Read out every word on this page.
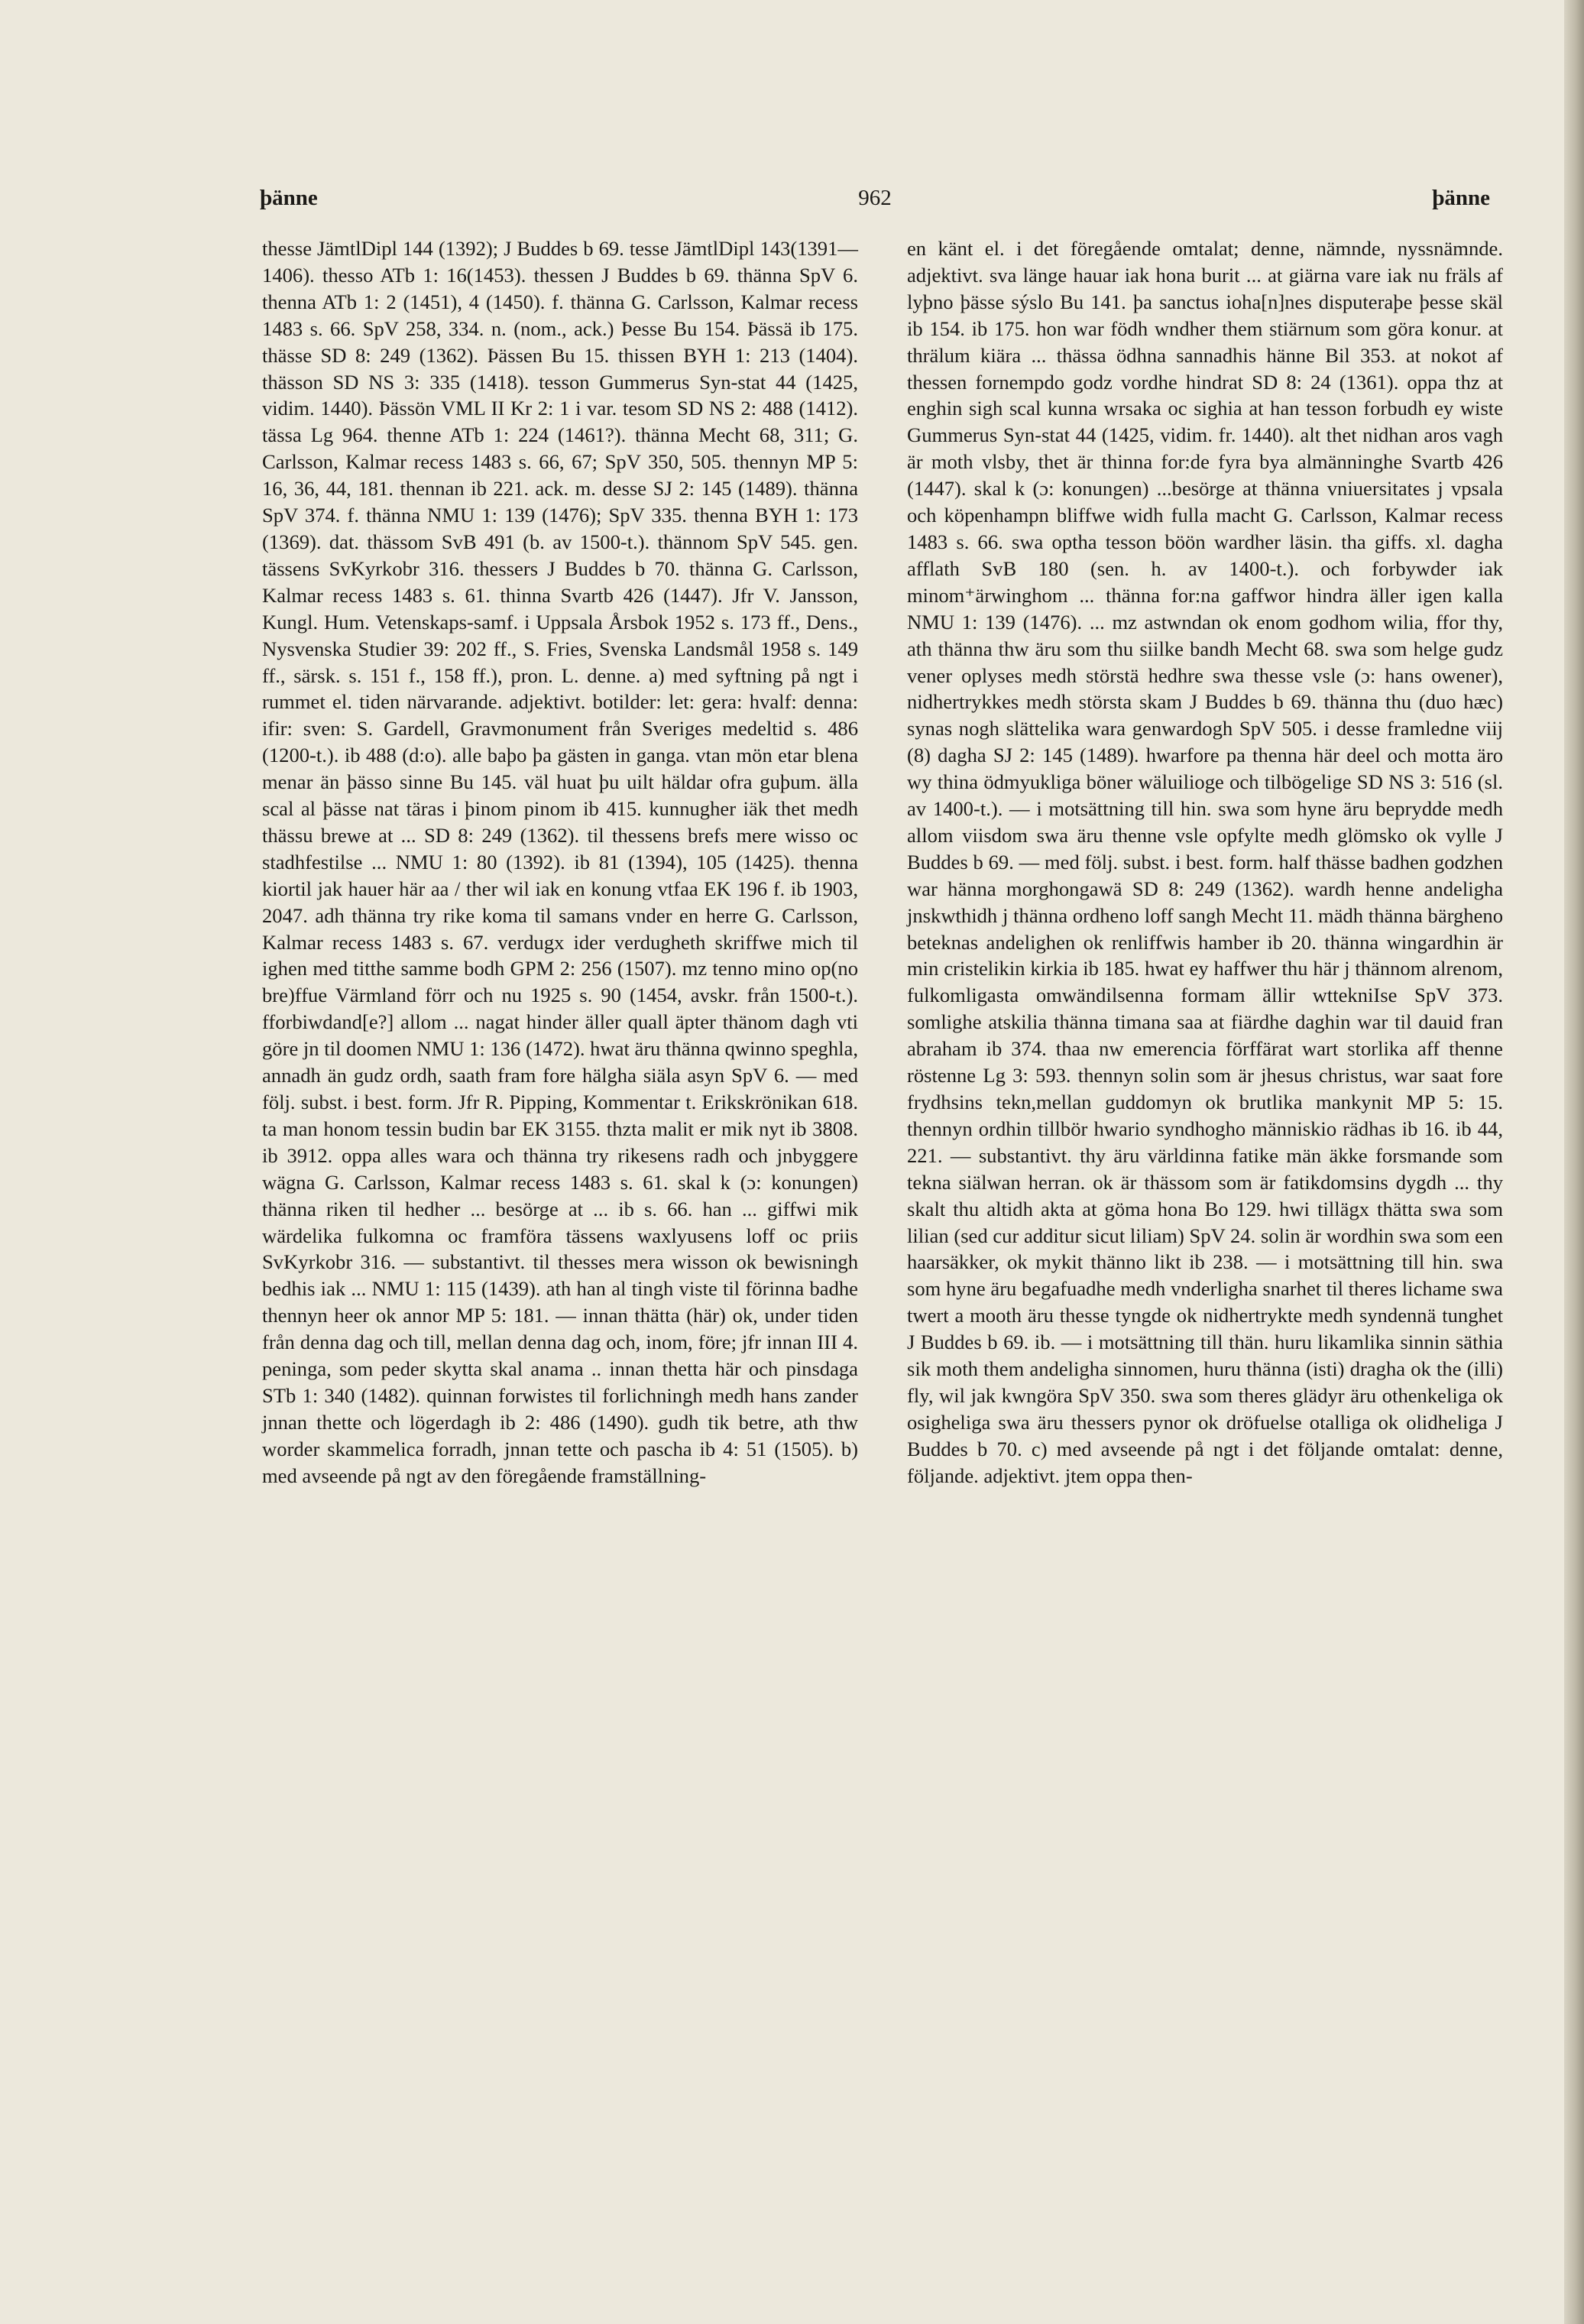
þänne	962	þänne

thesse JämtlDipl 144 (1392); J Buddes b 69. tesse JämtlDipl 143(1391—1406). thesso ATb 1: 16(1453). thessen J Buddes b 69. thänna SpV 6. thenna ATb 1: 2 (1451), 4 (1450). f. thänna G. Carlsson, Kalmar recess 1483 s. 66. SpV 258, 334. n. (nom., ack.) Þesse Bu 154. Þässä ib 175. thässe SD 8: 249 (1362). Þässen Bu 15. thissen BYH 1: 213 (1404). thässon SD NS 3: 335 (1418). tesson Gummerus Syn-stat 44 (1425, vidim. 1440). Þässön VML II Kr 2: 1 i var. tesom SD NS 2: 488 (1412). tässa Lg 964. thenne ATb 1: 224 (1461?). thänna Mecht 68, 311; G. Carlsson, Kalmar recess 1483 s. 66, 67; SpV 350, 505. thennyn MP 5: 16, 36, 44, 181. thennan ib 221. ack. m. desse SJ 2: 145 (1489). thänna SpV 374. f. thänna NMU 1: 139 (1476); SpV 335. thenna BYH 1: 173 (1369). dat. thässom SvB 491 (b. av 1500-t.). thännom SpV 545. gen. tässens SvKyrkobr 316. thessers J Buddes b 70. thänna G. Carlsson, Kalmar recess 1483 s. 61. thinna Svartb 426 (1447). Jfr V. Jansson, Kungl. Hum. Vetenskaps-samf. i Uppsala Årsbok 1952 s. 173 ff., Dens., Nysvenska Studier 39: 202 ff., S. Fries, Svenska Landsmål 1958 s. 149 ff., särsk. s. 151 f., 158 ff.), pron. L. denne. a) med syftning på ngt i rummet el. tiden närvarande. adjektivt. botilder: let: gera: hvalf: denna: ifir: sven: S. Gardell, Gravmonument från Sveriges medeltid s. 486 (1200-t.). ib 488 (d:o). alle baþo þa gästen in ganga. vtan mön etar blena menar än þässo sinne Bu 145. väl huat þu uilt häldar ofra guþum. älla scal al þässe nat täras i þinom pinom ib 415. kunnugher iäk thet medh thässu brewe at ... SD 8: 249 (1362). til thessens brefs mere wisso oc stadhfestilse ... NMU 1: 80 (1392). ib 81 (1394), 105 (1425). thenna kiortil jak hauer här aa / ther wil iak en konung vtfaa EK 196 f. ib 1903, 2047. adh thänna try rike koma til samans vnder en herre G. Carlsson, Kalmar recess 1483 s. 67. verdugx ider verdugheth skriffwe mich til ighen med titthe samme bodh GPM 2: 256 (1507). mz tenno mino op(no bre)ffue Värmland förr och nu 1925 s. 90 (1454, avskr. från 1500-t.). fforbiwdand[e?] allom ... nagat hinder äller quall äpter thänom dagh vti göre jn til doomen NMU 1: 136 (1472). hwat äru thänna qwinno speghla, annadh än gudz ordh, saath fram fore hälgha siäla asyn SpV 6. — med följ. subst. i best. form. Jfr R. Pipping, Kommentar t. Erikskrönikan 618. ta man honom tessin budin bar EK 3155. thzta malit er mik nyt ib 3808. ib 3912. oppa alles wara och thänna try rikesens radh och jnbyggere wägna G. Carlsson, Kalmar recess 1483 s. 61. skal k (ɔ: konungen) thänna riken til hedher ... besörge at ... ib s. 66. han ... giffwi mik wärdelika fulkomna oc framföra tässens waxlyusens loff oc priis SvKyrkobr 316. — substantivt. til thesses mera wisson ok bewisningh bedhis iak ... NMU 1: 115 (1439). ath han al tingh viste til förinna badhe thennyn heer ok annor MP 5: 181. — innan thätta (här) ok, under tiden från denna dag och till, mellan denna dag och, inom, före; jfr innan III 4. peninga, som peder skytta skal anama .. innan thetta här och pinsdaga STb 1: 340 (1482). quinnan forwistes til forlichningh medh hans zander jnnan thette och lögerdagh ib 2: 486 (1490). gudh tik betre, ath thw worder skammelica forradh, jnnan tette och pascha ib 4: 51 (1505). b) med avseende på ngt av den föregående framställning-

en känt el. i det föregående omtalat; denne, nämnde, nyssnämnde. adjektivt. sva länge hauar iak hona burit ... at giärna vare iak nu fräls af lyþno þässe sýslo Bu 141. þa sanctus ioha[n]nes disputeraþe þesse skäl ib 154. ib 175. hon war födh wndher them stiärnum som göra konur. at thrälum kiära ... thässa ödhna sannadhis hänne Bil 353. at nokot af thessen fornempdo godz vordhe hindrat SD 8: 24 (1361). oppa thz at enghin sigh scal kunna wrsaka oc sighia at han tesson forbudh ey wiste Gummerus Syn-stat 44 (1425, vidim. fr. 1440). alt thet nidhan aros vagh är moth vlsby, thet är thinna for:de fyra bya almänninghe Svartb 426 (1447). skal k (ɔ: konungen) ...besörge at thänna vniuersitates j vpsala och köpenhampn bliffwe widh fulla macht G. Carlsson, Kalmar recess 1483 s. 66. swa optha tesson böön wardher läsin. tha giffs. xl. dagha afflath SvB 180 (sen. h. av 1400-t.). och forbywder iak minom⁺ärwinghom ... thänna for:na gaffwor hindra äller igen kalla NMU 1: 139 (1476). ... mz astwndan ok enom godhom wilia, ffor thy, ath thänna thw äru som thu siilke bandh Mecht 68. swa som helge gudz vener oplyses medh störstä hedhre swa thesse vsle (ɔ: hans owener), nidhertrykkes medh största skam J Buddes b 69. thänna thu (duo hæc) synas nogh slättelika wara genwardogh SpV 505. i desse framledne viij (8) dagha SJ 2: 145 (1489). hwarfore pa thenna här deel och motta äro wy thina ödmyukliga böner wäluilioge och tilbögelige SD NS 3: 516 (sl. av 1400-t.). — i motsättning till hin. swa som hyne äru bepryddе medh allom viisdom swa äru thenne vsle opfylte medh glömsko ok vylle J Buddes b 69. — med följ. subst. i best. form. half thässe badhen godzhen war hänna morghongawä SD 8: 249 (1362). wardh henne andeligha jnskwthidh j thänna ordheno loff sangh Mecht 11. mädh thänna bärgheno beteknas andelighen ok renliffwis hamber ib 20. thänna wingardhin är min cristelikin kirkia ib 185. hwat ey haffwer thu här j thännom alrenom, fulkomligasta omwändilsenna formam ällir wttekniIse SpV 373. somlighe atskilia thänna timana saa at fiärdhe daghin war til dauid fran abraham ib 374. thaa nw emerencia förffärat wart storlika aff thenne röstenne Lg 3: 593. thennyn solin som är jhesus christus, war saat fore frydhsins tekn,mellan guddomyn ok brutlika mankynit MP 5: 15. thennyn ordhin tillbör hwario syndhogho människio rädhas ib 16. ib 44, 221. — substantivt. thy äru världinna fatike män äkke forsmande som tekna siälwan herran. ok är thässom som är fatikdomsins dygdh ... thy skalt thu altidh akta at göma hona Bo 129. hwi tillägx thätta swa som lilian (sed cur additur sicut liliam) SpV 24. solin är wordhin swa som een haarsäkker, ok mykit thänno likt ib 238. — i motsättning till hin. swa som hyne äru begafuadhe medh vnderligha snarhet til theres lichame swa twert a mooth äru thesse tyngde ok nidhertrykte medh syndennä tunghet J Buddes b 69. ib. — i motsättning till thän. huru likamlika sinnin säthia sik moth them andeligha sinnomen, huru thänna (isti) dragha ok the (illi) fly, wil jak kwngöra SpV 350. swa som theres glädyr äru othenkeliga ok osigheliga swa äru thessers pynor ok dröfuelse otalliga ok olidheliga J Buddes b 70. c) med avseende på ngt i det följande omtalat: denne, följande. adjektivt. jtem oppa then-
